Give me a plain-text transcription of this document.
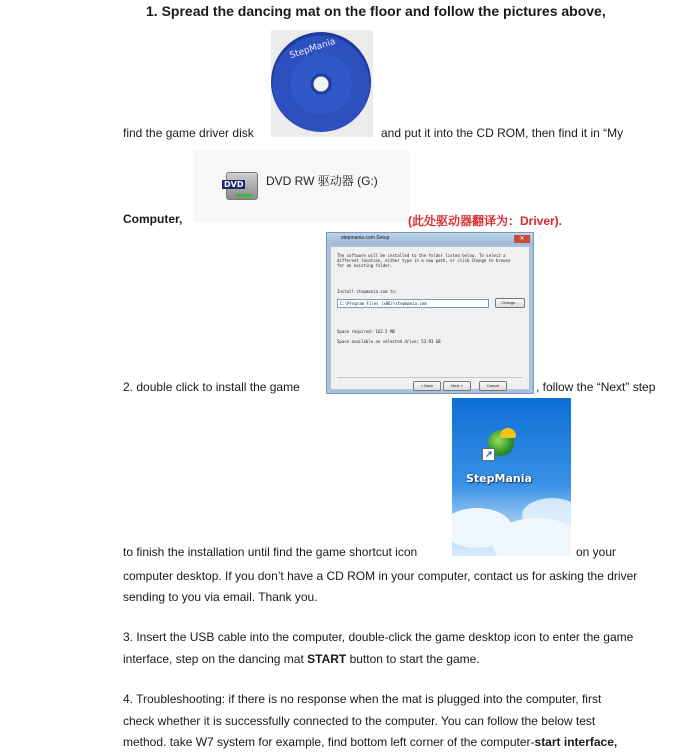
1. Spread the dancing mat on the floor and follow the pictures above,
StepMania
find the game driver disk	and put it into the CD ROM, then find it in “My
DVD DVD RW 驱动器 (G:)
Computer,	(此处驱动器翻译为：Driver).
stepmania.com Setup	✕
The software will be installed to the folder listed below. To select a different location, either type in a new path, or click Change to browse for an existing folder.
Install stepmania.com to:
C:\Program Files (x86)\stepmania.com	Change...
Space required: 162.5 MB
Space available on selected drive: 53.93 GB
< Back	Next >	Cancel
2. double click to install the game	, follow the “Next” step
↗
StepMania
to finish the installation until find the game shortcut icon	on your
computer desktop. If you don’t have a CD ROM in your computer, contact us for asking the driver
sending to you via email. Thank you.
3. Insert the USB cable into the computer, double-click the game desktop icon to enter the game
interface, step on the dancing mat START button to start the game.
4. Troubleshooting: if there is no response when the mat is plugged into the computer, first
check whether it is successfully connected to the computer. You can follow the below test
method. take W7 system for example, find bottom left corner of the computer-start interface,
